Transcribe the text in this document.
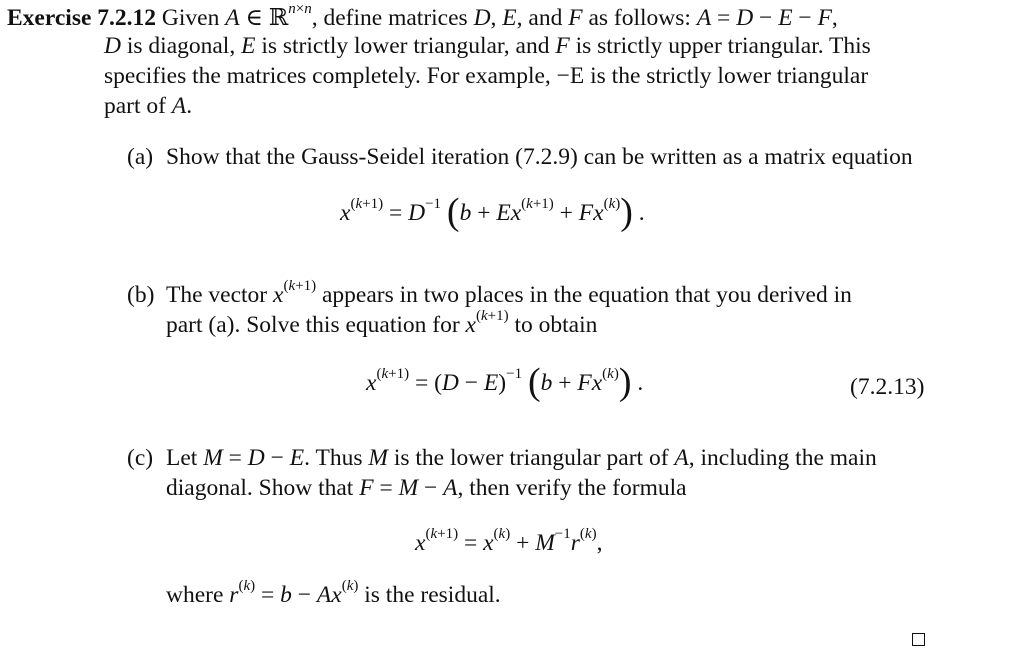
Exercise 7.2.12 Given A ∈ ℝ$^{n\times n}$, define matrices D, E, and F as follows: A = D − E − F,
D is diagonal, E is strictly lower triangular, and F is strictly upper triangular. This
specifies the matrices completely. For example, −E is the strictly lower triangular
part of A.
(a) Show that the Gauss-Seidel iteration (7.2.9) can be written as a matrix equation
$x^{(k+1)} = D^{-1}$ $(b + Ex^{(k+1)} + Fx^{(k)})$ .
(b) The vector $x^{(k+1)}$ appears in two places in the equation that you derived in
part (a). Solve this equation for $x^{(k+1)}$ to obtain
$x^{(k+1)} = (D - E)^{-1}$ $(b + Fx^{(k)})$ .	(7.2.13)
(c) Let M = D − E. Thus M is the lower triangular part of A, including the main
diagonal. Show that F = M − A, then verify the formula
$x^{(k+1)} = x^{(k)} + M^{-1}r^{(k)}$,
where $r^{(k)} = b - Ax^{(k)}$ is the residual.
